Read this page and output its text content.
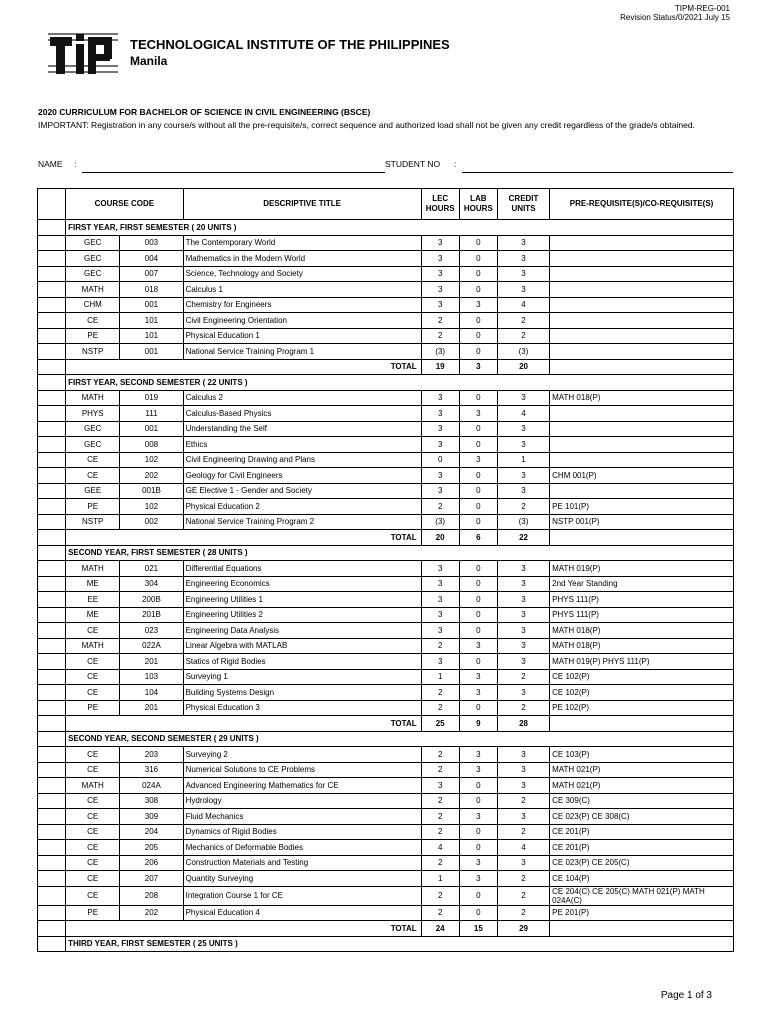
TIPM-REG-001
Revision Status/0/2021 July 15
TECHNOLOGICAL INSTITUTE OF THE PHILIPPINES
Manila
2020 CURRICULUM FOR BACHELOR OF SCIENCE IN CIVIL ENGINEERING (BSCE)
IMPORTANT: Registration in any course/s without all the pre-requisite/s, correct sequence and authorized load shall not be given any credit regardless of the grade/s obtained.
NAME :	STUDENT NO :
	COURSE CODE		DESCRIPTIVE TITLE	LEC HOURS	LAB HOURS	CREDIT UNITS	PRE-REQUISITE(S)/CO-REQUISITE(S)
	FIRST YEAR, FIRST SEMESTER ( 20 UNITS )						
	GEC	003	The Contemporary World	3	0	3	
	GEC	004	Mathematics in the Modern World	3	0	3	
	GEC	007	Science, Technology and Society	3	0	3	
	MATH	018	Calculus 1	3	0	3	
	CHM	001	Chemistry for Engineers	3	3	4	
	CE	101	Civil Engineering Orientation	2	0	2	
	PE	101	Physical Education 1	2	0	2	
	NSTP	001	National Service Training Program 1	(3)	0	(3)	
	TOTAL			19	3	20	
	FIRST YEAR, SECOND SEMESTER ( 22 UNITS )						
	MATH	019	Calculus 2	3	0	3	MATH 018(P)
	PHYS	111	Calculus-Based Physics	3	3	4	
	GEC	001	Understanding the Self	3	0	3	
	GEC	008	Ethics	3	0	3	
	CE	102	Civil Engineering Drawing and Plans	0	3	1	
	CE	202	Geology for Civil Engineers	3	0	3	CHM 001(P)
	GEE	001B	GE Elective 1 - Gender and Society	3	0	3	
	PE	102	Physical Education 2	2	0	2	PE 101(P)
	NSTP	002	National Service Training Program 2	(3)	0	(3)	NSTP 001(P)
	TOTAL			20	6	22	
	SECOND YEAR, FIRST SEMESTER ( 28 UNITS )						
	MATH	021	Differential Equations	3	0	3	MATH 019(P)
	ME	304	Engineering Economics	3	0	3	2nd Year Standing
	EE	200B	Engineering Utilities 1	3	0	3	PHYS 111(P)
	ME	201B	Engineering Utilities 2	3	0	3	PHYS 111(P)
	CE	023	Engineering Data Analysis	3	0	3	MATH 018(P)
	MATH	022A	Linear Algebra with MATLAB	2	3	3	MATH 018(P)
	CE	201	Statics of Rigid Bodies	3	0	3	MATH 019(P) PHYS 111(P)
	CE	103	Surveying 1	1	3	2	CE 102(P)
	CE	104	Building Systems Design	2	3	3	CE 102(P)
	PE	201	Physical Education 3	2	0	2	PE 102(P)
	TOTAL			25	9	28	
	SECOND YEAR, SECOND SEMESTER ( 29 UNITS )						
	CE	203	Surveying 2	2	3	3	CE 103(P)
	CE	316	Numerical Solutions to CE Problems	2	3	3	MATH 021(P)
	MATH	024A	Advanced Engineering Mathematics for CE	3	0	3	MATH 021(P)
	CE	308	Hydrology	2	0	2	CE 309(C)
	CE	309	Fluid Mechanics	2	3	3	CE 023(P) CE 308(C)
	CE	204	Dynamics of Rigid Bodies	2	0	2	CE 201(P)
	CE	205	Mechanics of Deformable Bodies	4	0	4	CE 201(P)
	CE	206	Construction Materials and Testing	2	3	3	CE 023(P) CE 205(C)
	CE	207	Quantity Surveying	1	3	2	CE 104(P)
	CE	208	Integration Course 1 for CE	2	0	2	CE 204(C) CE 205(C) MATH 021(P) MATH 024A(C)
	PE	202	Physical Education 4	2	0	2	PE 201(P)
	TOTAL			24	15	29	
	THIRD YEAR, FIRST SEMESTER ( 25 UNITS )						
Page 1 of 3
